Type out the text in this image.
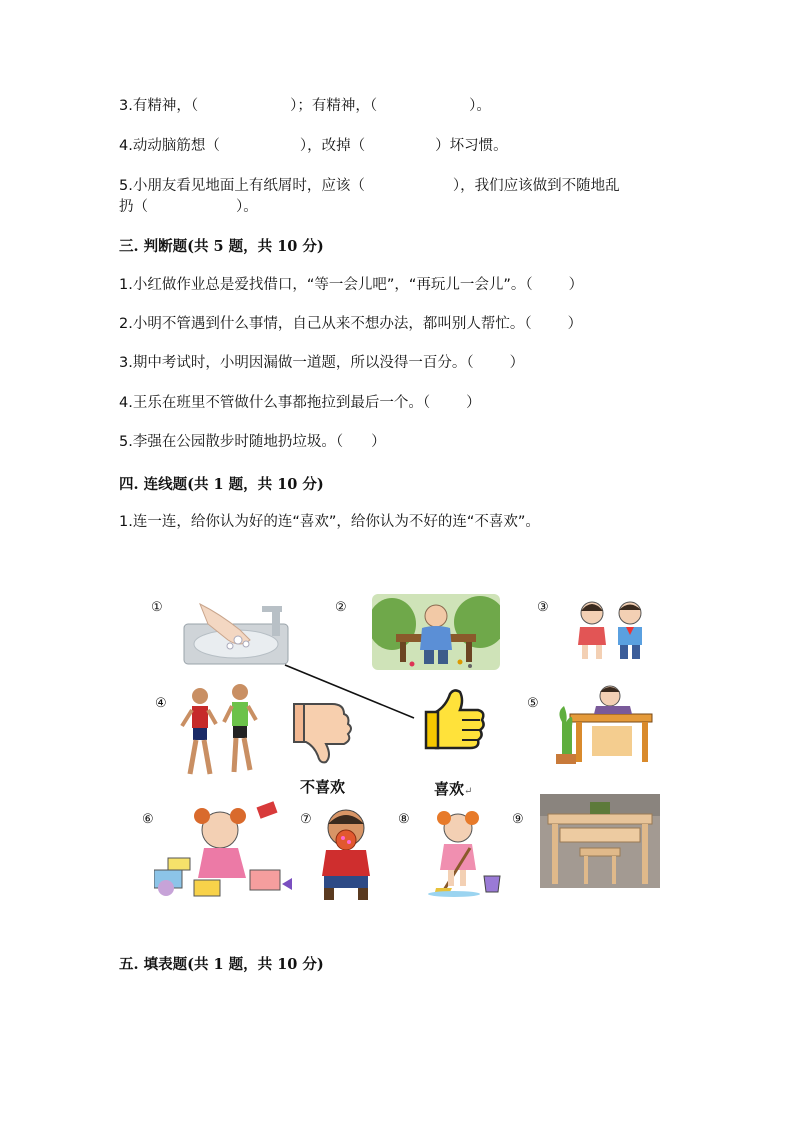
3.有精神，（	）；有精神，（	）。
4.动动脑筋想（	），改掉（	）坏习惯。
5.小朋友看见地面上有纸屑时，应该（	），我们应该做到不随地乱
扔（	）。
三. 判断题(共 5 题，共 10 分)
1.小红做作业总是爱找借口，“等一会儿吧”，“再玩儿一会儿”。（ ）
2.小明不管遇到什么事情，自己从来不想办法，都叫别人帮忙。（ ）
3.期中考试时，小明因漏做一道题，所以没得一百分。（ ）
4.王乐在班里不管做什么事都拖拉到最后一个。（ ）
5.李强在公园散步时随地扔垃圾。（ ）
四. 连线题(共 1 题，共 10 分)
1.连一连，给你认为好的连“喜欢”，给你认为不好的连“不喜欢”。
①	②	③
④	⑤
⑥	⑦	⑧	⑨
不喜欢	喜欢↵
五. 填表题(共 1 题，共 10 分)
